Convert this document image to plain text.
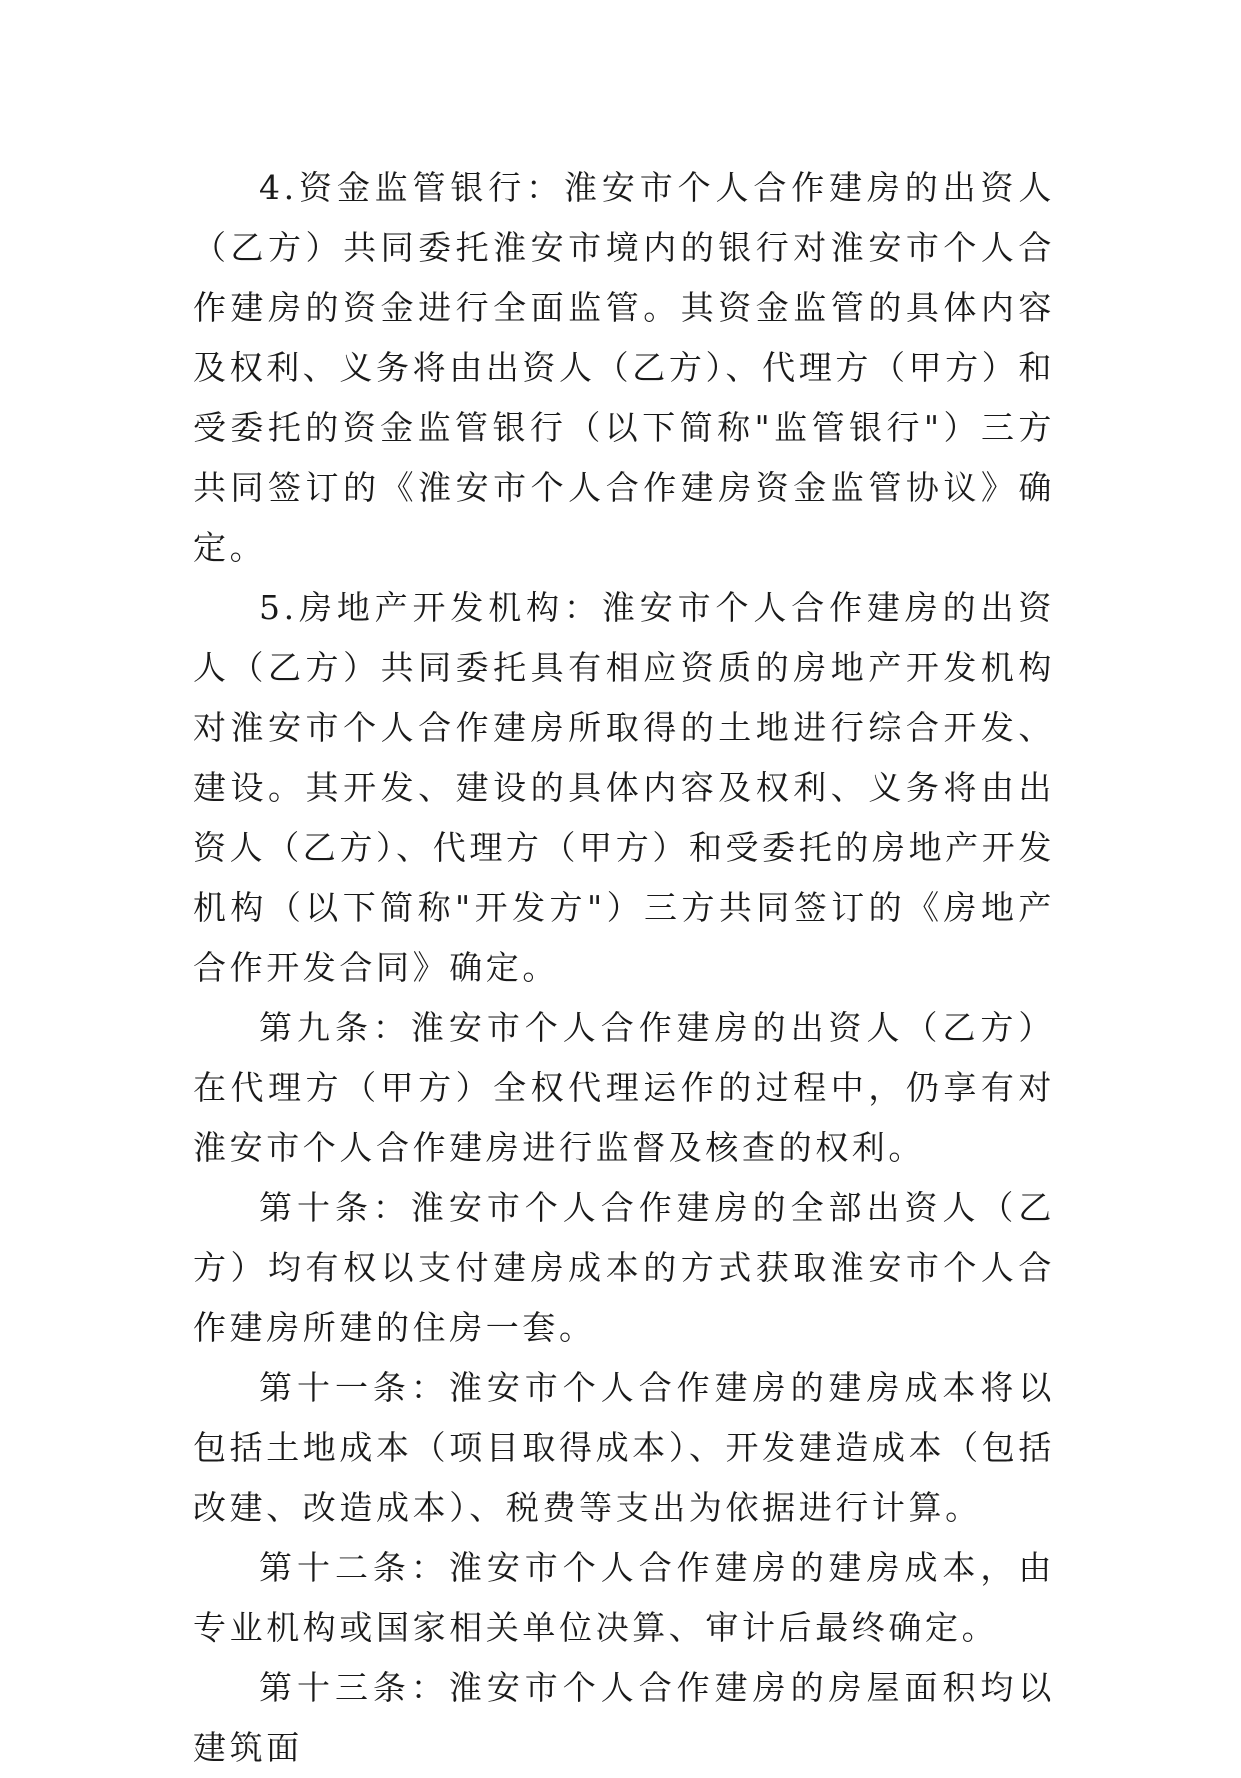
4.资金监管银行：淮安市个人合作建房的出资人（乙方）共同委托淮安市境内的银行对淮安市个人合作建房的资金进行全面监管。其资金监管的具体内容及权利、义务将由出资人（乙方）、代理方（甲方）和受委托的资金监管银行（以下简称"监管银行"）三方共同签订的《淮安市个人合作建房资金监管协议》确定。

5.房地产开发机构：淮安市个人合作建房的出资人（乙方）共同委托具有相应资质的房地产开发机构对淮安市个人合作建房所取得的土地进行综合开发、建设。其开发、建设的具体内容及权利、义务将由出资人（乙方）、代理方（甲方）和受委托的房地产开发机构（以下简称"开发方"）三方共同签订的《房地产合作开发合同》确定。

第九条：淮安市个人合作建房的出资人（乙方）在代理方（甲方）全权代理运作的过程中，仍享有对淮安市个人合作建房进行监督及核查的权利。

第十条：淮安市个人合作建房的全部出资人（乙方）均有权以支付建房成本的方式获取淮安市个人合作建房所建的住房一套。

第十一条：淮安市个人合作建房的建房成本将以包括土地成本（项目取得成本）、开发建造成本（包括改建、改造成本）、税费等支出为依据进行计算。

第十二条：淮安市个人合作建房的建房成本，由专业机构或国家相关单位决算、审计后最终确定。

第十三条：淮安市个人合作建房的房屋面积均以建筑面
